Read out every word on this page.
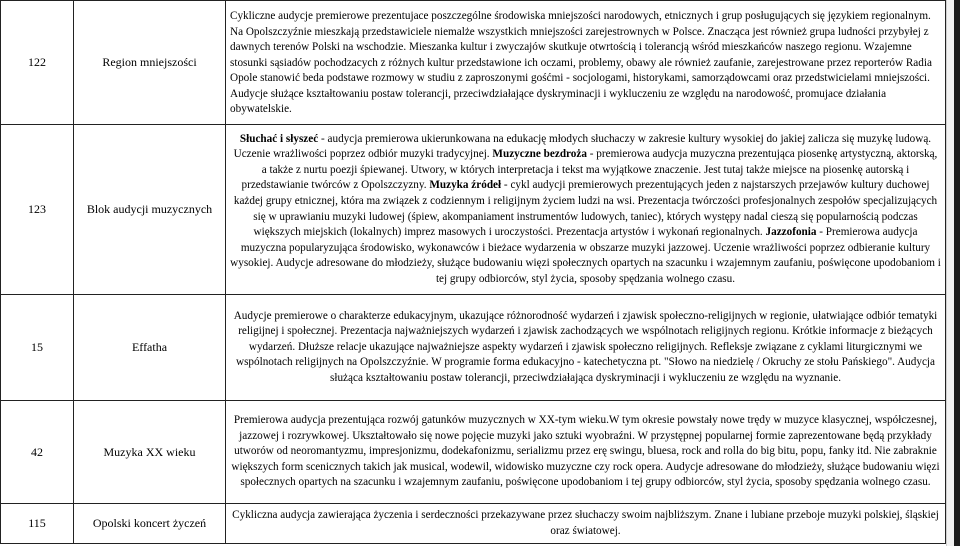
122	Region mniejszości	Cykliczne audycje premierowe prezentujace poszczególne środowiska mniejszości narodowych, etnicznych i grup posługujących się językiem regionalnym. Na Opolszczyźnie mieszkają przedstawiciele niemalże wszystkich mniejszości zarejestrownych w Polsce. Znacząca jest również grupa ludności przybyłej z dawnych terenów Polski na wschodzie. Mieszanka kultur i zwyczajów skutkuje otwrtością i tolerancją wśród mieszkańców naszego regionu. Wzajemne stosunki sąsiadów pochodzacych z różnych kultur przedstawione ich oczami, problemy, obawy ale również zaufanie, zarejestrowane przez reporterów Radia Opole stanowić beda podstawe rozmowy w studiu z zaproszonymi gośćmi - socjologami, historykami, samorządowcami oraz przedstwicielami mniejszości. Audycje służące kształtowaniu postaw tolerancji, przeciwdziałające dyskryminacji i wykluczeniu ze względu na narodowość, promujace działania obywatelskie.
123	Blok audycji muzycznych	Słuchać i słyszeć - audycja premierowa ukierunkowana na edukację młodych słuchaczy w zakresie kultury wysokiej do jakiej zalicza się muzykę ludową. Uczenie wrażliwości poprzez odbiór muzyki tradycyjnej. Muzyczne bezdroża - premierowa audycja muzyczna prezentująca piosenkę artystyczną, aktorską, a także z nurtu poezji śpiewanej. Utwory, w których interpretacja i tekst ma wyjątkowe znaczenie. Jest tutaj także miejsce na piosenkę autorską i przedstawianie twórców z Opolszczyzny. Muzyka źródeł - cykl audycji premierowych prezentujących jeden z najstarszych przejawów kultury duchowej każdej grupy etnicznej, która ma związek z codziennym i religijnym życiem ludzi na wsi. Prezentacja twórczości profesjonalnych zespołów specjalizujących się w uprawianiu muzyki ludowej (śpiew, akompaniament instrumentów ludowych, taniec), których występy nadal cieszą się popularnością podczas większych miejskich (lokalnych) imprez masowych i uroczystości. Prezentacja artystów i wykonań regionalnych. Jazzofonia - Premierowa audycja muzyczna popularyzująca środowisko, wykonawców i bieżace wydarzenia w obszarze muzyki jazzowej. Uczenie wrażliwości poprzez odbieranie kultury wysokiej. Audycje adresowane do młodzieży, służące budowaniu więzi społecznych opartych na szacunku i wzajemnym zaufaniu, poświęcone upodobaniom i tej grupy odbiorców, styl życia, sposoby spędzania wolnego czasu.
15	Effatha	Audycje premierowe o charakterze edukacyjnym, ukazujące różnorodność wydarzeń i zjawisk społeczno-religijnych w regionie, ułatwiające odbiór tematyki religijnej i społecznej. Prezentacja najważniejszych wydarzeń i zjawisk zachodzących we wspólnotach religijnych regionu. Krótkie informacje z bieżących wydarzeń. Dłuższe relacje ukazujące najważniejsze aspekty wydarzeń i zjawisk społeczno religijnych. Refleksje związane z cyklami liturgicznymi we wspólnotach religijnych na Opolszczyźnie. W programie forma edukacyjno - katechetyczna pt. "Słowo na niedzielę / Okruchy ze stołu Pańskiego". Audycja służąca kształtowaniu postaw tolerancji, przeciwdziałająca dyskryminacji i wykluczeniu ze względu na wyznanie.
42	Muzyka XX wieku	Premierowa audycja prezentująca rozwój gatunków muzycznych w XX-tym wieku.W tym okresie powstały nowe trędy w muzyce klasycznej, współczesnej, jazzowej i rozrywkowej. Ukształtowało się nowe pojęcie muzyki jako sztuki wyobraźni. W przystępnej popularnej formie zaprezentowane będą przykłady utworów od neoromantyzmu, impresjonizmu, dodekafonizmu, serializmu przez erę swingu, bluesa, rock and rolla do big bitu, popu, fanky itd. Nie zabraknie większych form scenicznych takich jak musical, wodewil, widowisko muzyczne czy rock opera. Audycje adresowane do młodzieży, służące budowaniu więzi społecznych opartych na szacunku i wzajemnym zaufaniu, poświęcone upodobaniom i tej grupy odbiorców, styl życia, sposoby spędzania wolnego czasu.
115	Opolski koncert życzeń	Cykliczna audycja zawierająca życzenia i serdeczności przekazywane przez słuchaczy swoim najbliższym. Znane i lubiane przeboje muzyki polskiej, śląskiej oraz światowej.
